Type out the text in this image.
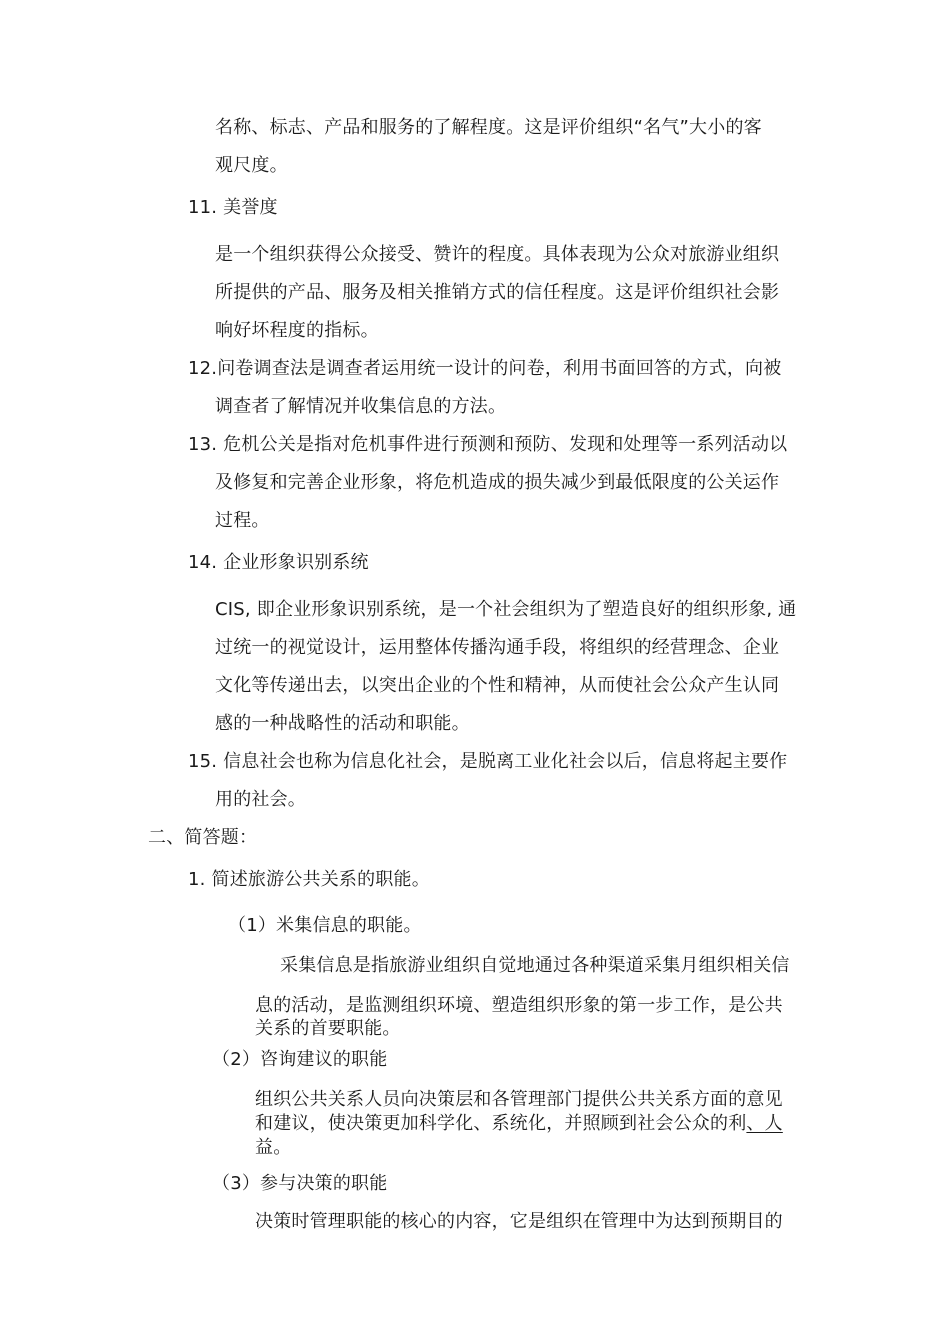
名称、标志、产品和服务的了解程度。这是评价组织“名气”大小的客
观尺度。
11. 美誉度
是一个组织获得公众接受、赞许的程度。具体表现为公众对旅游业组织
所提供的产品、服务及相关推销方式的信任程度。这是评价组织社会影
响好坏程度的指标。
12.问卷调查法是调查者运用统一设计的问卷，利用书面回答的方式，向被
调查者了解情况并收集信息的方法。
13. 危机公关是指对危机事件进行预测和预防、发现和处理等一系列活动以
及修复和完善企业形象，将危机造成的损失减少到最低限度的公关运作
过程。
14. 企业形象识别系统
CIS, 即企业形象识别系统，是一个社会组织为了塑造良好的组织形象, 通
过统一的视觉设计，运用整体传播沟通手段，将组织的经营理念、企业
文化等传递出去，以突出企业的个性和精神，从而使社会公众产生认同
感的一种战略性的活动和职能。
15. 信息社会也称为信息化社会，是脱离工业化社会以后，信息将起主要作
用的社会。
二、简答题：
1. 简述旅游公共关系的职能。
（1）米集信息的职能。
采集信息是指旅游业组织自觉地通过各种渠道采集月组织相关信
息的活动，是监测组织环境、塑造组织形象的第一步工作，是公共
关系的首要职能。
（2）咨询建议的职能
组织公共关系人员向决策层和各管理部门提供公共关系方面的意见
和建议，使决策更加科学化、系统化，并照顾到社会公众的利、人
益。
（3）参与决策的职能
决策时管理职能的核心的内容，它是组织在管理中为达到预期目的
